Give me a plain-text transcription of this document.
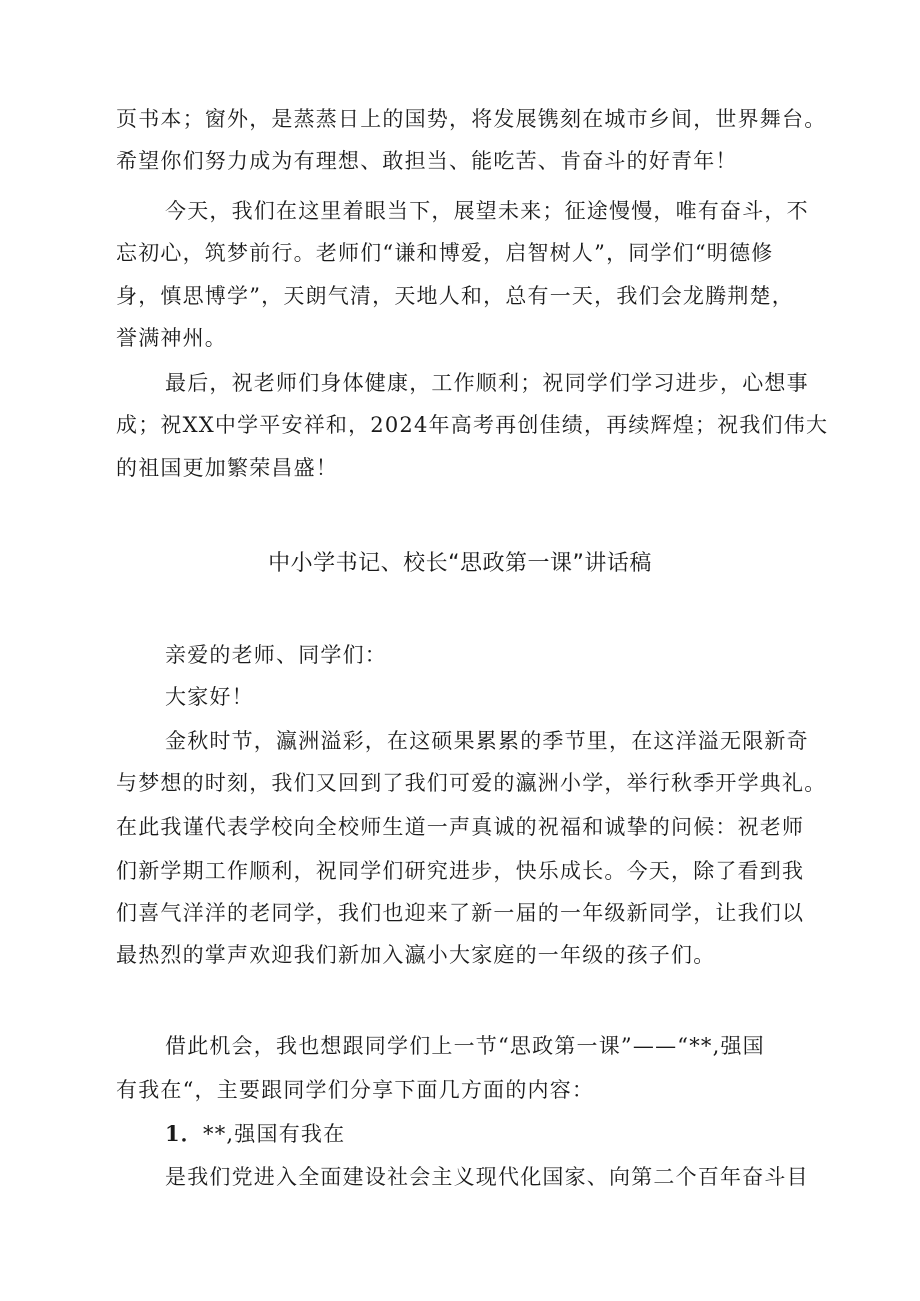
页书本；窗外，是蒸蒸日上的国势，将发展镌刻在城市乡间，世界舞台。
希望你们努力成为有理想、敢担当、能吃苦、肯奋斗的好青年！
今天，我们在这里着眼当下，展望未来；征途慢慢，唯有奋斗，不
忘初心，筑梦前行。老师们“谦和博爱，启智树人”，同学们“明德修
身，慎思博学”，天朗气清，天地人和，总有一天，我们会龙腾荆楚，
誉满神州。
最后，祝老师们身体健康，工作顺利；祝同学们学习进步，心想事
成；祝XX中学平安祥和，2024年高考再创佳绩，再续辉煌；祝我们伟大
的祖国更加繁荣昌盛！
中小学书记、校长“思政第一课”讲话稿
亲爱的老师、同学们：
大家好！
金秋时节，瀛洲溢彩，在这硕果累累的季节里，在这洋溢无限新奇
与梦想的时刻，我们又回到了我们可爱的瀛洲小学，举行秋季开学典礼。
在此我谨代表学校向全校师生道一声真诚的祝福和诚挚的问候：祝老师
们新学期工作顺利，祝同学们研究进步，快乐成长。今天，除了看到我
们喜气洋洋的老同学，我们也迎来了新一届的一年级新同学，让我们以
最热烈的掌声欢迎我们新加入瀛小大家庭的一年级的孩子们。
借此机会，我也想跟同学们上一节“思政第一课”——“**,强国
有我在“，主要跟同学们分享下面几方面的内容：
1．**,强国有我在
是我们党进入全面建设社会主义现代化国家、向第二个百年奋斗目
